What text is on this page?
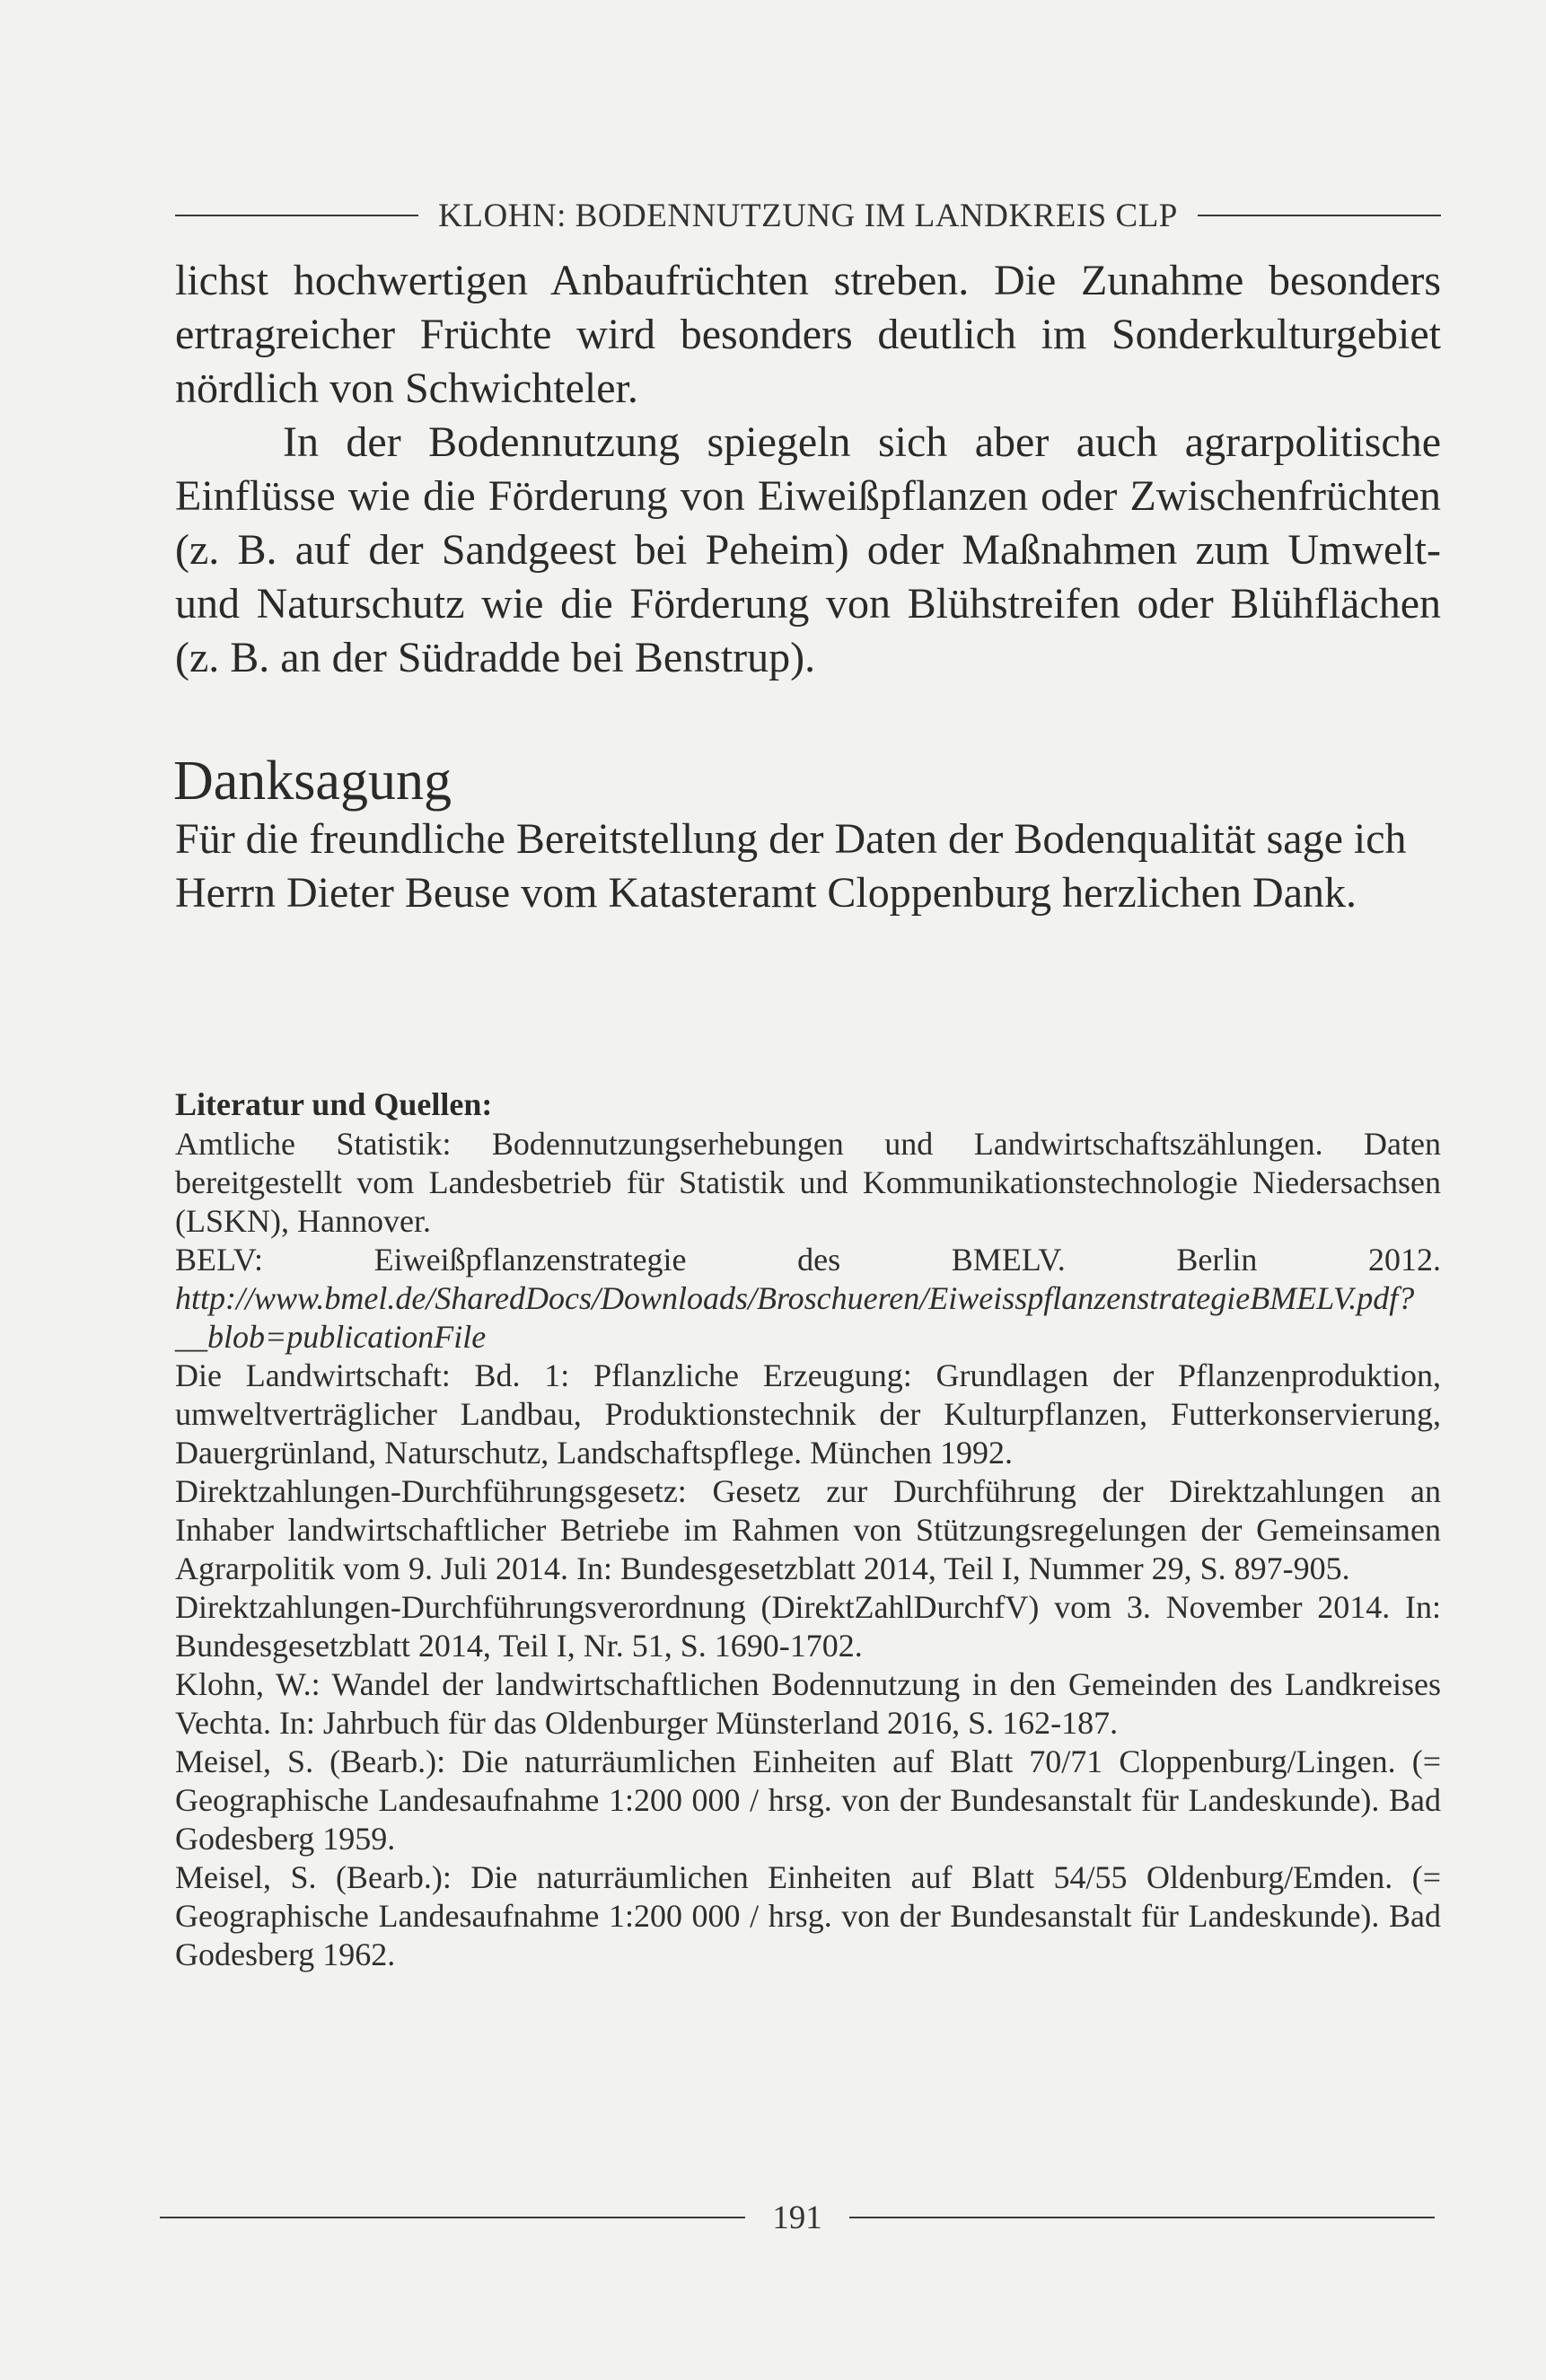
KLOHN: BODENNUTZUNG IM LANDKREIS CLP

lichst hochwertigen Anbaufrüchten streben. Die Zunahme besonders ertragreicher Früchte wird besonders deutlich im Sonderkulturgebiet nördlich von Schwichteler.

In der Bodennutzung spiegeln sich aber auch agrarpolitische Einflüsse wie die Förderung von Eiweißpflanzen oder Zwischenfrüchten (z. B. auf der Sandgeest bei Peheim) oder Maßnahmen zum Umwelt- und Naturschutz wie die Förderung von Blühstreifen oder Blühflächen (z. B. an der Südradde bei Benstrup).

Danksagung

Für die freundliche Bereitstellung der Daten der Bodenqualität sage ich Herrn Dieter Beuse vom Katasteramt Cloppenburg herzlichen Dank.

Literatur und Quellen:
Amtliche Statistik: Bodennutzungserhebungen und Landwirtschaftszählungen. Daten bereitgestellt vom Landesbetrieb für Statistik und Kommunikationstechnologie Niedersachsen (LSKN), Hannover.
BELV: Eiweißpflanzenstrategie des BMELV. Berlin 2012. http://www.bmel.de/SharedDocs/Downloads/Broschueren/EiweisspflanzenstrategieBMELV.pdf?__blob=publicationFile
Die Landwirtschaft: Bd. 1: Pflanzliche Erzeugung: Grundlagen der Pflanzenproduktion, umweltverträglicher Landbau, Produktionstechnik der Kulturpflanzen, Futterkonservierung, Dauergrünland, Naturschutz, Landschaftspflege. München 1992.
Direktzahlungen-Durchführungsgesetz: Gesetz zur Durchführung der Direktzahlungen an Inhaber landwirtschaftlicher Betriebe im Rahmen von Stützungsregelungen der Gemeinsamen Agrarpolitik vom 9. Juli 2014. In: Bundesgesetzblatt 2014, Teil I, Nummer 29, S. 897-905.
Direktzahlungen-Durchführungsverordnung (DirektZahlDurchfV) vom 3. November 2014. In: Bundesgesetzblatt 2014, Teil I, Nr. 51, S. 1690-1702.
Klohn, W.: Wandel der landwirtschaftlichen Bodennutzung in den Gemeinden des Landkreises Vechta. In: Jahrbuch für das Oldenburger Münsterland 2016, S. 162-187.
Meisel, S. (Bearb.): Die naturräumlichen Einheiten auf Blatt 70/71 Cloppenburg/Lingen. (= Geographische Landesaufnahme 1:200 000 / hrsg. von der Bundesanstalt für Landeskunde). Bad Godesberg 1959.
Meisel, S. (Bearb.): Die naturräumlichen Einheiten auf Blatt 54/55 Oldenburg/Emden. (= Geographische Landesaufnahme 1:200 000 / hrsg. von der Bundesanstalt für Landeskunde). Bad Godesberg 1962.
191
